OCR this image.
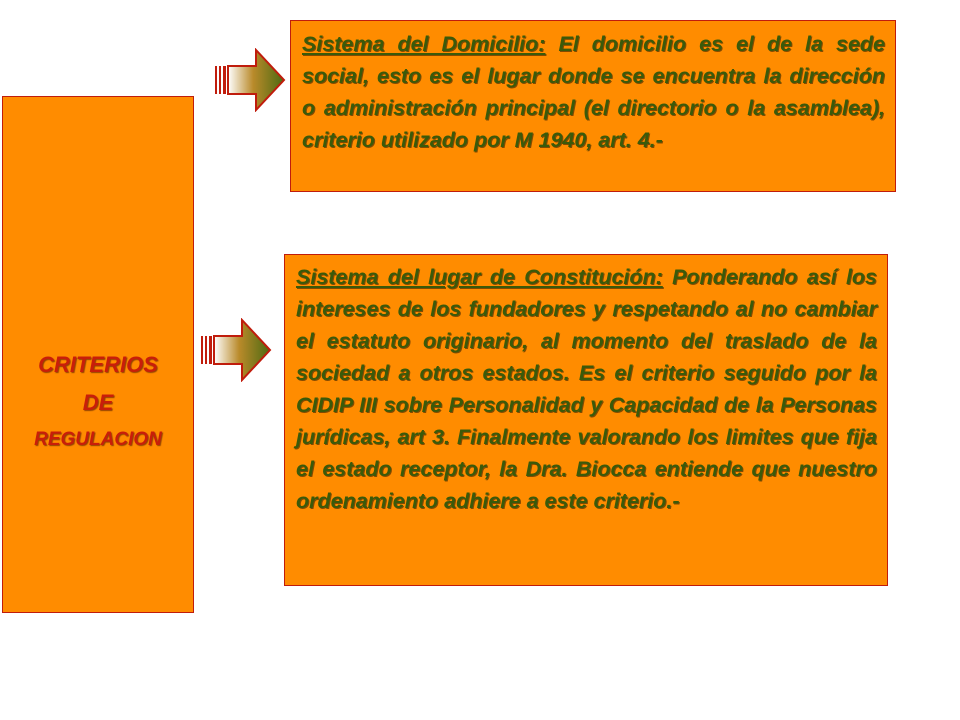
CRITERIOS
DE
REGULACION

Sistema del Domicilio: El domicilio es el de la sede social, esto es el lugar donde se encuentra la dirección o administración principal (el directorio o la asamblea), criterio utilizado por M 1940, art. 4.-

Sistema del lugar de Constitución: Ponderando así los intereses de los fundadores y respetando al no cambiar el estatuto originario, al momento del traslado de la sociedad a otros estados. Es el criterio seguido por la CIDIP III sobre Personalidad y Capacidad de la Personas jurídicas, art 3. Finalmente valorando los limites que fija el estado receptor, la Dra. Biocca entiende que nuestro ordenamiento adhiere a este criterio.-
